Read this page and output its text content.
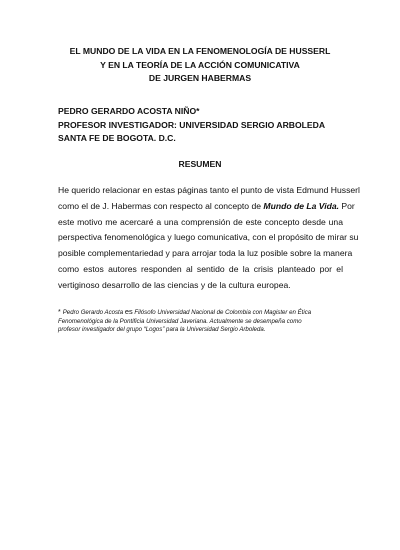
EL MUNDO DE LA VIDA EN LA FENOMENOLOGÍA DE HUSSERL
Y EN LA TEORÍA DE LA ACCIÓN COMUNICATIVA
DE JURGEN HABERMAS
PEDRO GERARDO ACOSTA NIÑO*
PROFESOR INVESTIGADOR: UNIVERSIDAD SERGIO ARBOLEDA
SANTA FE DE BOGOTA. D.C.
RESUMEN
He querido relacionar en estas páginas tanto el punto de vista Edmund Husserl
como el de J. Habermas con respecto al concepto de Mundo de La Vida. Por
este motivo me acercaré a una comprensión de este concepto desde una
perspectiva fenomenológica y luego comunicativa, con el propósito de mirar su
posible complementariedad y para arrojar toda la luz posible sobre la manera
como estos autores responden al sentido de la crisis planteado por el
vertiginoso desarrollo de las ciencias y de la cultura europea.
* Pedro Gerardo Acosta es Filósofo Universidad Nacional de Colombia con Magister en Ética
Fenomenológica de la Pontificia Universidad Javeriana. Actualmente se desempeña como
profesor investigador del grupo “Logos” para la Universidad Sergio Arboleda.
